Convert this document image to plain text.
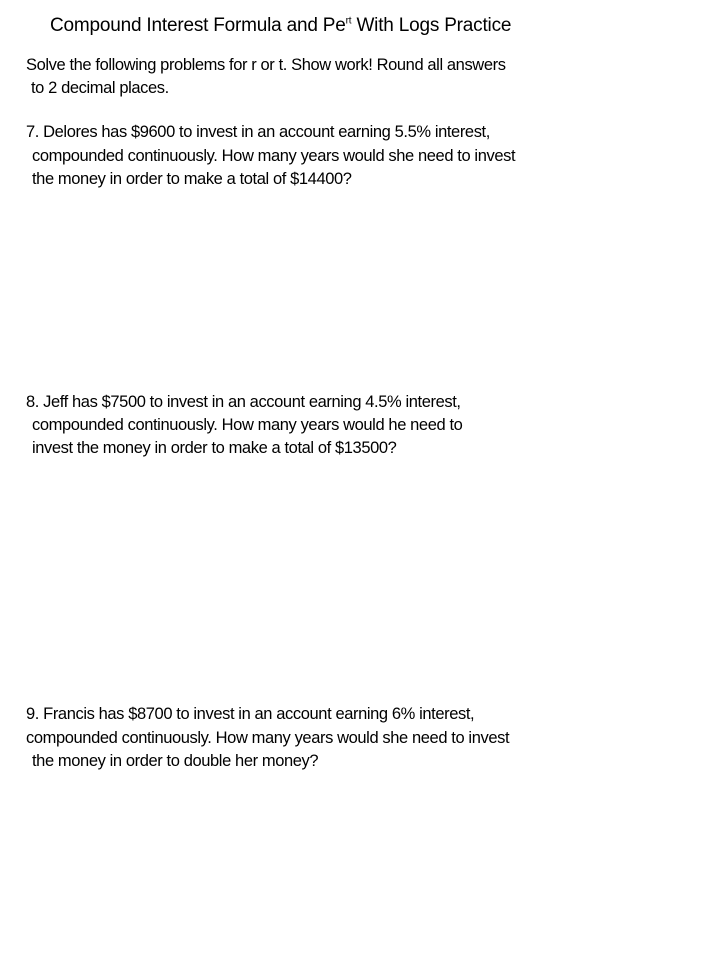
Compound Interest Formula and $Pe^{rt}$ With Logs Practice
Solve the following problems for r or t. Show work! Round all answers
to 2 decimal places.
7. Delores has $9600 to invest in an account earning 5.5% interest,
compounded continuously. How many years would she need to invest
the money in order to make a total of $14400?
8. Jeff has $7500 to invest in an account earning 4.5% interest,
compounded continuously. How many years would he need to
invest the money in order to make a total of $13500?
9. Francis has $8700 to invest in an account earning 6% interest,
compounded continuously. How many years would she need to invest
the money in order to double her money?
